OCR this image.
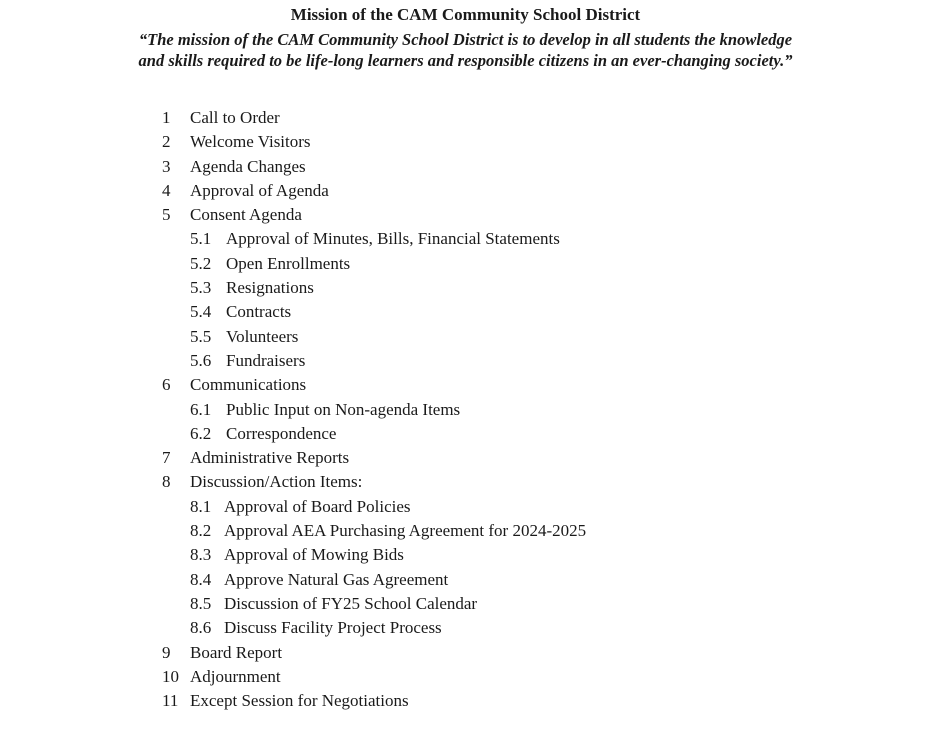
Mission of the CAM Community School District
“The mission of the CAM Community School District is to develop in all students the knowledge
and skills required to be life-long learners and responsible citizens in an ever-changing society.”
1 Call to Order
2 Welcome Visitors
3 Agenda Changes
4 Approval of Agenda
5 Consent Agenda
5.1 Approval of Minutes, Bills, Financial Statements
5.2 Open Enrollments
5.3 Resignations
5.4 Contracts
5.5 Volunteers
5.6 Fundraisers
6 Communications
6.1 Public Input on Non-agenda Items
6.2 Correspondence
7 Administrative Reports
8 Discussion/Action Items:
8.1 Approval of Board Policies
8.2 Approval AEA Purchasing Agreement for 2024-2025
8.3 Approval of Mowing Bids
8.4 Approve Natural Gas Agreement
8.5 Discussion of FY25 School Calendar
8.6 Discuss Facility Project Process
9 Board Report
10 Adjournment
11 Except Session for Negotiations
